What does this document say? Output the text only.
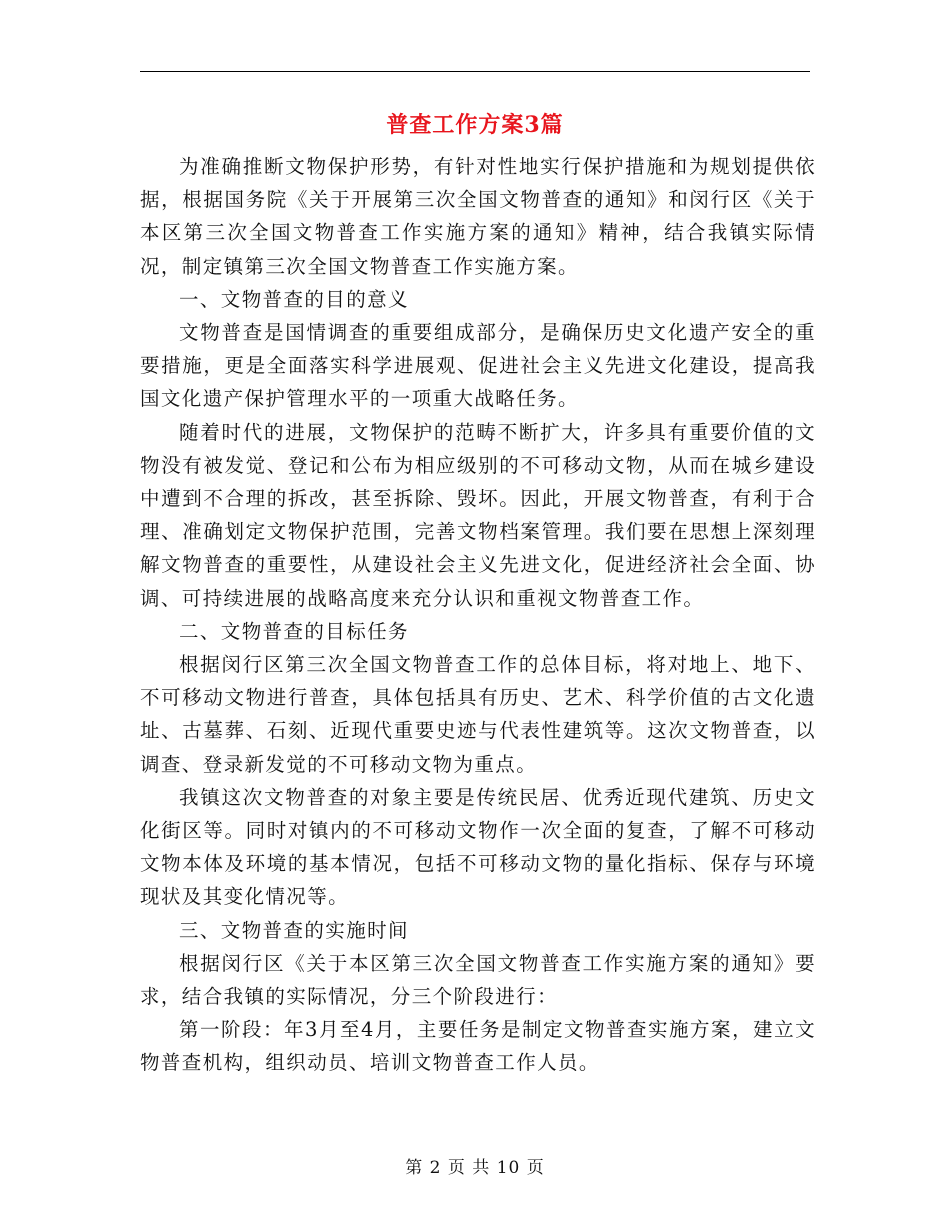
普查工作方案3篇

为准确推断文物保护形势，有针对性地实行保护措施和为规划提供依据，根据国务院《关于开展第三次全国文物普查的通知》和闵行区《关于本区第三次全国文物普查工作实施方案的通知》精神，结合我镇实际情况，制定镇第三次全国文物普查工作实施方案。

一、文物普查的目的意义

文物普查是国情调查的重要组成部分，是确保历史文化遗产安全的重要措施，更是全面落实科学进展观、促进社会主义先进文化建设，提高我国文化遗产保护管理水平的一项重大战略任务。

随着时代的进展，文物保护的范畴不断扩大，许多具有重要价值的文物没有被发觉、登记和公布为相应级别的不可移动文物，从而在城乡建设中遭到不合理的拆改，甚至拆除、毁坏。因此，开展文物普查，有利于合理、准确划定文物保护范围，完善文物档案管理。我们要在思想上深刻理解文物普查的重要性，从建设社会主义先进文化，促进经济社会全面、协调、可持续进展的战略高度来充分认识和重视文物普查工作。

二、文物普查的目标任务

根据闵行区第三次全国文物普查工作的总体目标，将对地上、地下、不可移动文物进行普查，具体包括具有历史、艺术、科学价值的古文化遗址、古墓葬、石刻、近现代重要史迹与代表性建筑等。这次文物普查，以调查、登录新发觉的不可移动文物为重点。

我镇这次文物普查的对象主要是传统民居、优秀近现代建筑、历史文化街区等。同时对镇内的不可移动文物作一次全面的复查，了解不可移动文物本体及环境的基本情况，包括不可移动文物的量化指标、保存与环境现状及其变化情况等。

三、文物普查的实施时间

根据闵行区《关于本区第三次全国文物普查工作实施方案的通知》要求，结合我镇的实际情况，分三个阶段进行：

第一阶段：年3月至4月，主要任务是制定文物普查实施方案，建立文物普查机构，组织动员、培训文物普查工作人员。

第 2 页 共 10 页
